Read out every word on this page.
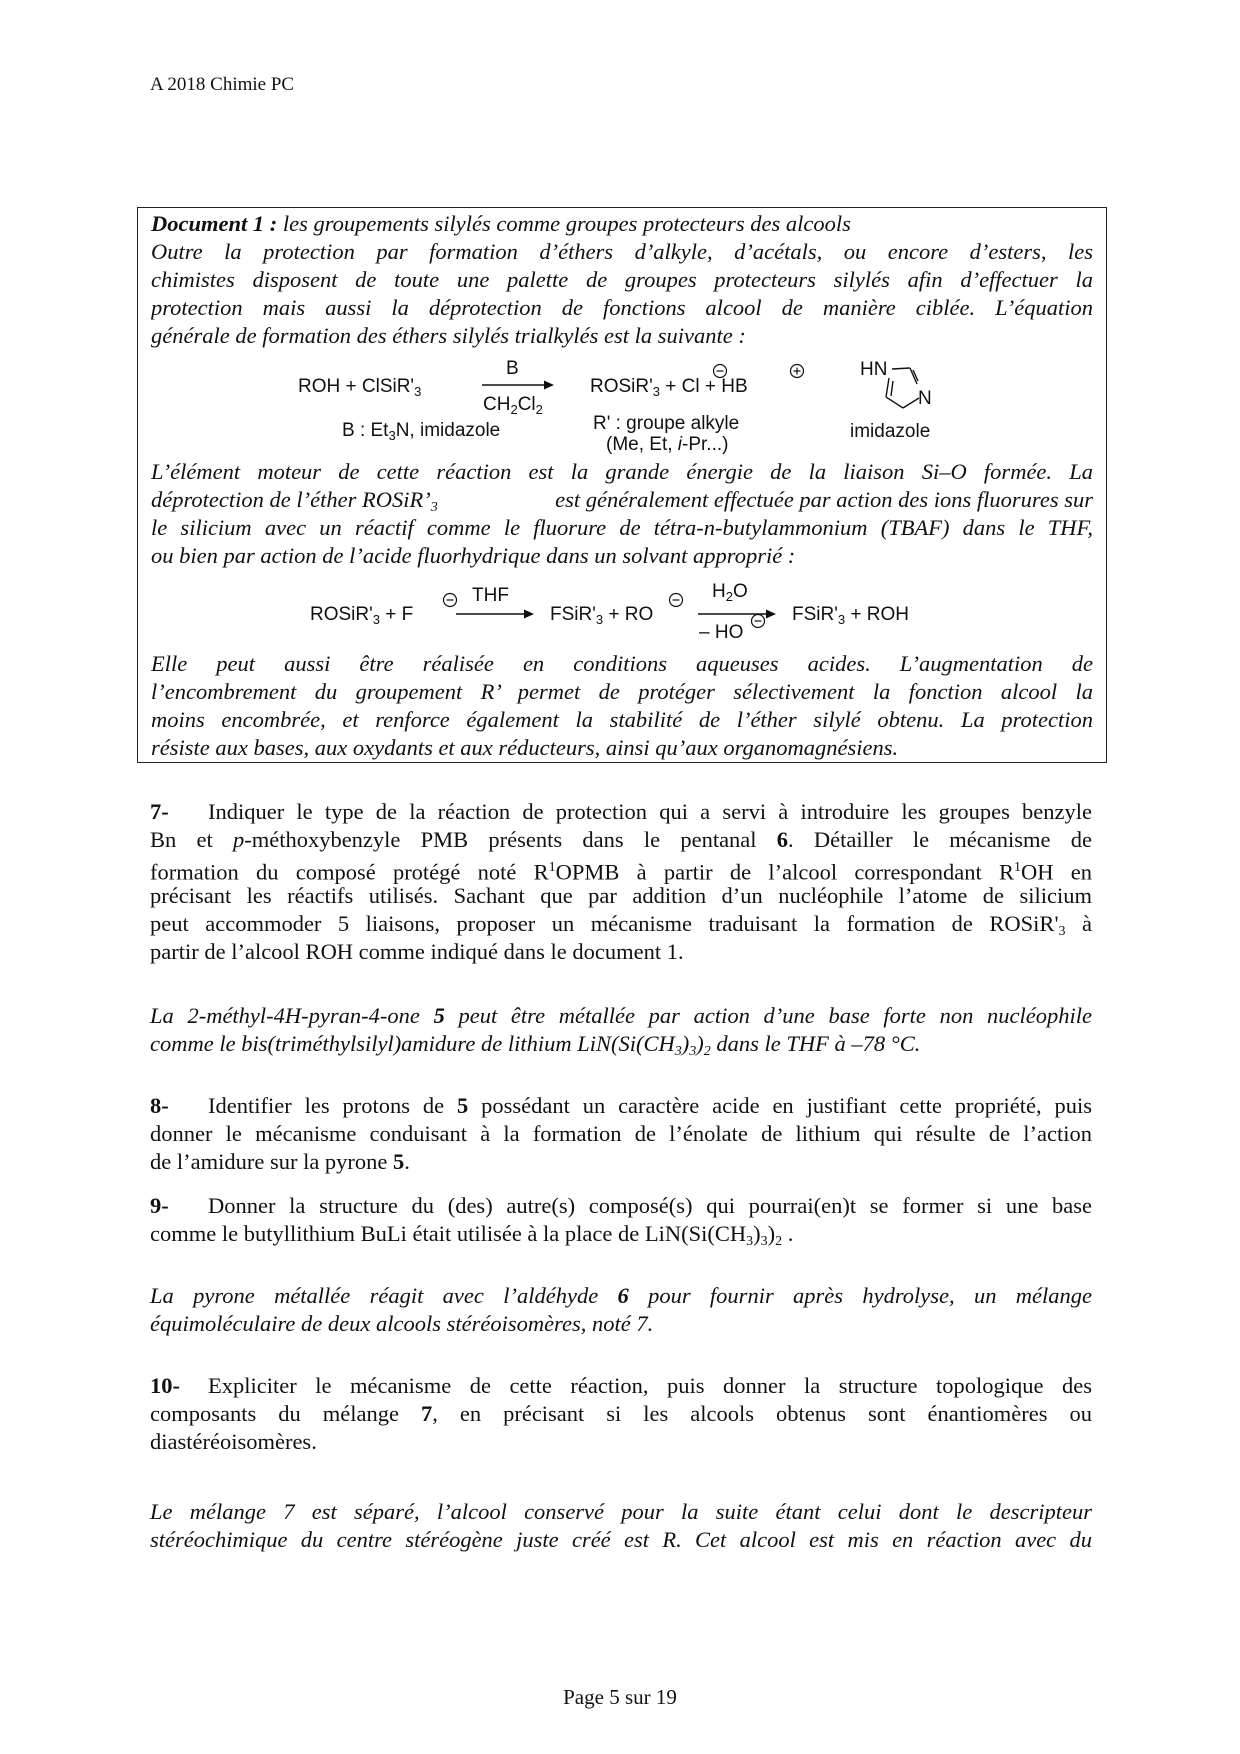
A 2018 Chimie PC
Document 1 : les groupements silylés comme groupes protecteurs des alcools
Outre la protection par formation d’éthers d’alkyle, d’acétals, ou encore d’esters, les
chimistes disposent de toute une palette de groupes protecteurs silylés afin d’effectuer la
protection mais aussi la déprotection de fonctions alcool de manière ciblée. L’équation
générale de formation des éthers silylés trialkylés est la suivante :
ROH + $ClSiR'_3$
B
$CH_2Cl_2$
$ROSiR'_3 + Cl$ + HB
B : $Et_3N$, imidazole	R' : groupe alkyle
(Me, Et, i-Pr...)
HN
N
imidazole
L’élément moteur de cette réaction est la grande énergie de la liaison Si–O formée. La
déprotection de l’éther $ROSiR’_3$	est généralement effectuée par action des ions fluorures sur
le silicium avec un réactif comme le fluorure de tétra-n-butylammonium (TBAF) dans le THF,
ou bien par action de l’acide fluorhydrique dans un solvant approprié :
$ROSiR'_3 + F$
THF
$FSiR'_3$ + RO
$H_2O$
– HO
$FSiR'_3$ + ROH
Elle peut aussi être réalisée en conditions aqueuses acides. L’augmentation de
l’encombrement du groupement R’ permet de protéger sélectivement la fonction alcool la
moins encombrée, et renforce également la stabilité de l’éther silylé obtenu. La protection
résiste aux bases, aux oxydants et aux réducteurs, ainsi qu’aux organomagnésiens.
7- Indiquer le type de la réaction de protection qui a servi à introduire les groupes benzyle
Bn et p-méthoxybenzyle PMB présents dans le pentanal 6. Détailler le mécanisme de
formation du composé protégé noté $R^1OPMB$ à partir de l’alcool correspondant $R^1OH$ en
précisant les réactifs utilisés. Sachant que par addition d’un nucléophile l’atome de silicium
peut accommoder 5 liaisons, proposer un mécanisme traduisant la formation de $ROSiR'_3$ à
partir de l’alcool ROH comme indiqué dans le document 1.
La 2-méthyl-4H-pyran-4-one 5 peut être métallée par action d’une base forte non nucléophile
comme le bis(triméthylsilyl)amidure de lithium $LiN(Si(CH_3)_3)_2$ dans le THF à –78 °C.
8- Identifier les protons de 5 possédant un caractère acide en justifiant cette propriété, puis
donner le mécanisme conduisant à la formation de l’énolate de lithium qui résulte de l’action
de l’amidure sur la pyrone 5.
9- Donner la structure du (des) autre(s) composé(s) qui pourrai(en)t se former si une base
comme le butyllithium BuLi était utilisée à la place de $LiN(Si(CH_3)_3)_2$ .
La pyrone métallée réagit avec l’aldéhyde 6 pour fournir après hydrolyse, un mélange
équimoléculaire de deux alcools stéréoisomères, noté 7.
10- Expliciter le mécanisme de cette réaction, puis donner la structure topologique des
composants du mélange 7, en précisant si les alcools obtenus sont énantiomères ou
diastéréoisomères.
Le mélange 7 est séparé, l’alcool conservé pour la suite étant celui dont le descripteur
stéréochimique du centre stéréogène juste créé est R. Cet alcool est mis en réaction avec du
Page 5 sur 19
